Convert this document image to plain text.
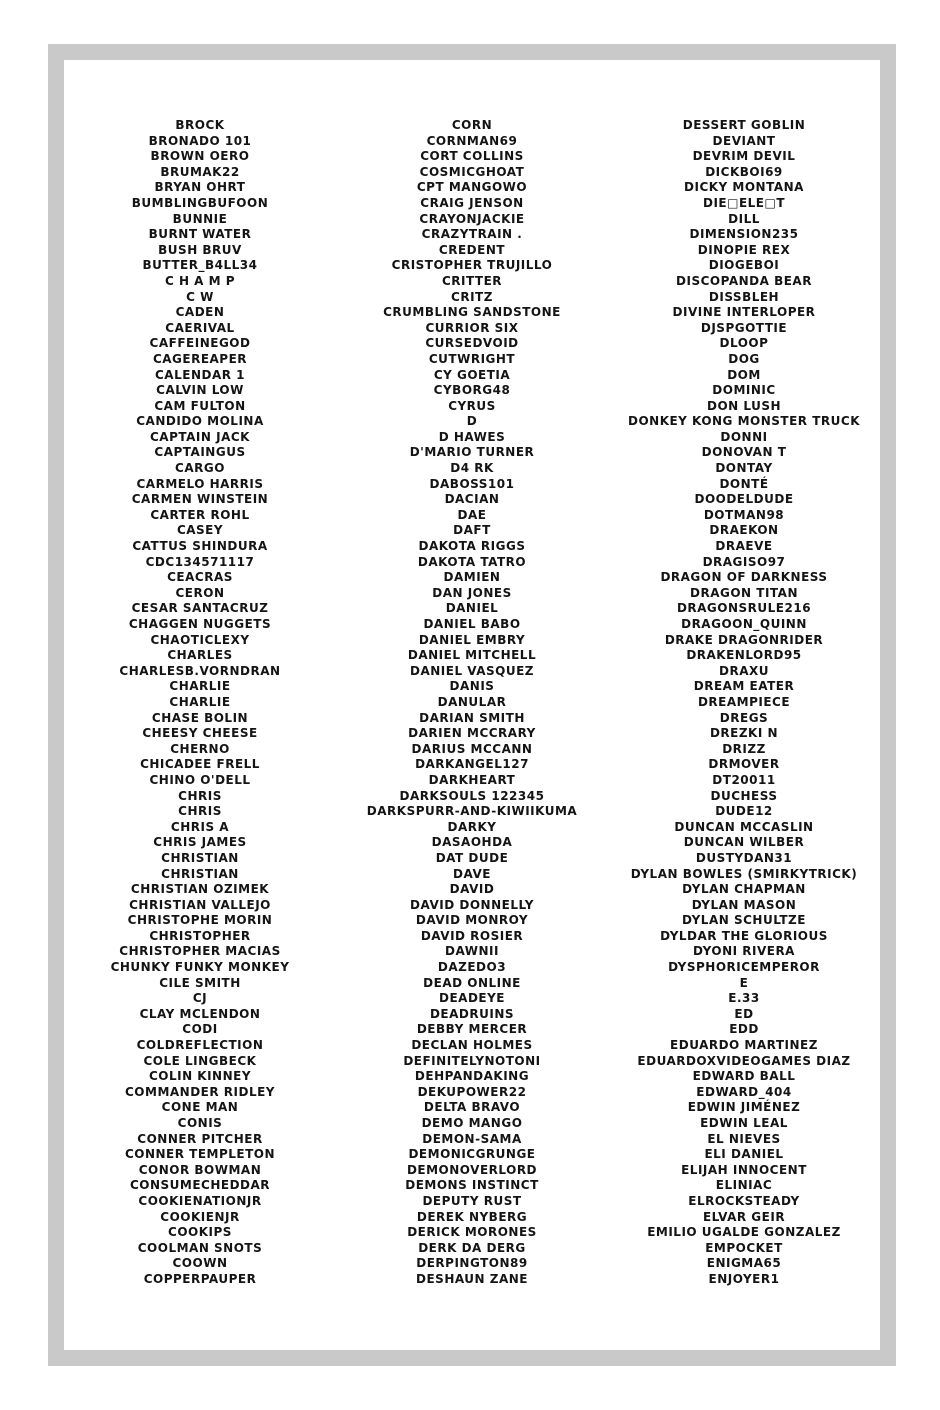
BROCK
BRONADO 101
BROWN OERO
BRUMAK22
BRYAN OHRT
BUMBLINGBUFOON
BUNNIE
BURNT WATER
BUSH BRUV
BUTTER_B4LL34
C H A M P
C W
CADEN
CAERIVAL
CAFFEINEGOD
CAGEREAPER
CALENDAR 1
CALVIN LOW
CAM FULTON
CANDIDO MOLINA
CAPTAIN JACK
CAPTAINGUS
CARGO
CARMELO HARRIS
CARMEN WINSTEIN
CARTER ROHL
CASEY
CATTUS SHINDURA
CDC134571117
CEACRAS
CERON
CESAR SANTACRUZ
CHAGGEN NUGGETS
CHAOTICLEXY
CHARLES
CHARLESB.VORNDRAN
CHARLIE
CHARLIE
CHASE BOLIN
CHEESY CHEESE
CHERNO
CHICADEE FRELL
CHINO O'DELL
CHRIS
CHRIS
CHRIS A
CHRIS JAMES
CHRISTIAN
CHRISTIAN
CHRISTIAN OZIMEK
CHRISTIAN VALLEJO
CHRISTOPHE MORIN
CHRISTOPHER
CHRISTOPHER MACIAS
CHUNKY FUNKY MONKEY
CILE SMITH
CJ
CLAY MCLENDON
CODI
COLDREFLECTION
COLE LINGBECK
COLIN KINNEY
COMMANDER RIDLEY
CONE MAN
CONIS
CONNER PITCHER
CONNER TEMPLETON
CONOR BOWMAN
CONSUMECHEDDAR
COOKIENATIONJR
COOKIENJR
COOKIPS
COOLMAN SNOTS
COOWN
COPPERPAUPER
CORN
CORNMAN69
CORT COLLINS
COSMICGHOAT
CPT MANGOWO
CRAIG JENSON
CRAYONJACKIE
CRAZYTRAIN .
CREDENT
CRISTOPHER TRUJILLO
CRITTER
CRITZ
CRUMBLING SANDSTONE
CURRIOR SIX
CURSEDVOID
CUTWRIGHT
CY GOETIA
CYBORG48
CYRUS
D
D HAWES
D'MARIO TURNER
D4 RK
DABOSS101
DACIAN
DAE
DAFT
DAKOTA RIGGS
DAKOTA TATRO
DAMIEN
DAN JONES
DANIEL
DANIEL BABO
DANIEL EMBRY
DANIEL MITCHELL
DANIEL VASQUEZ
DANIS
DANULAR
DARIAN SMITH
DARIEN MCCRARY
DARIUS MCCANN
DARKANGEL127
DARKHEART
DARKSOULS 122345
DARKSPURR-AND-KIWIIKUMA
DARKY
DASAOHDA
DAT DUDE
DAVE
DAVID
DAVID DONNELLY
DAVID MONROY
DAVID ROSIER
DAWNII
DAZEDO3
DEAD ONLINE
DEADEYE
DEADRUINS
DEBBY MERCER
DECLAN HOLMES
DEFINITELYNOTONI
DEHPANDAKING
DEKUPOWER22
DELTA BRAVO
DEMO MANGO
DEMON-SAMA
DEMONICGRUNGE
DEMONOVERLORD
DEMONS INSTINCT
DEPUTY RUST
DEREK NYBERG
DERICK MORONES
DERK DA DERG
DERPINGTON89
DESHAUN ZANE
DESSERT GOBLIN
DEVIANT
DEVRIM DEVIL
DICKBOI69
DICKY MONTANA
DIE□ELE□T
DILL
DIMENSION235
DINOPIE REX
DIOGEBOI
DISCOPANDA BEAR
DISSBLEH
DIVINE INTERLOPER
DJSPGOTTIE
DLOOP
DOG
DOM
DOMINIC
DON LUSH
DONKEY KONG MONSTER TRUCK
DONNI
DONOVAN T
DONTAY
DONTÉ
DOODELDUDE
DOTMAN98
DRAEKON
DRAEVE
DRAGISO97
DRAGON OF DARKNESS
DRAGON TITAN
DRAGONSRULE216
DRAGOON_QUINN
DRAKE DRAGONRIDER
DRAKENLORD95
DRAXU
DREAM EATER
DREAMPIECE
DREGS
DREZKI N
DRIZZ
DRMOVER
DT20011
DUCHESS
DUDE12
DUNCAN MCCASLIN
DUNCAN WILBER
DUSTYDAN31
DYLAN BOWLES (SMIRKYTRICK)
DYLAN CHAPMAN
DYLAN MASON
DYLAN SCHULTZE
DYLDAR THE GLORIOUS
DYONI RIVERA
DYSPHORICEMPEROR
E
E.33
ED
EDD
EDUARDO MARTINEZ
EDUARDOXVIDEOGAMES DIAZ
EDWARD BALL
EDWARD_404
EDWIN JIMÉNEZ
EDWIN LEAL
EL NIEVES
ELI DANIEL
ELIJAH INNOCENT
ELINIAC
ELROCKSTEADY
ELVAR GEIR
EMILIO UGALDE GONZALEZ
EMPOCKET
ENIGMA65
ENJOYER1
